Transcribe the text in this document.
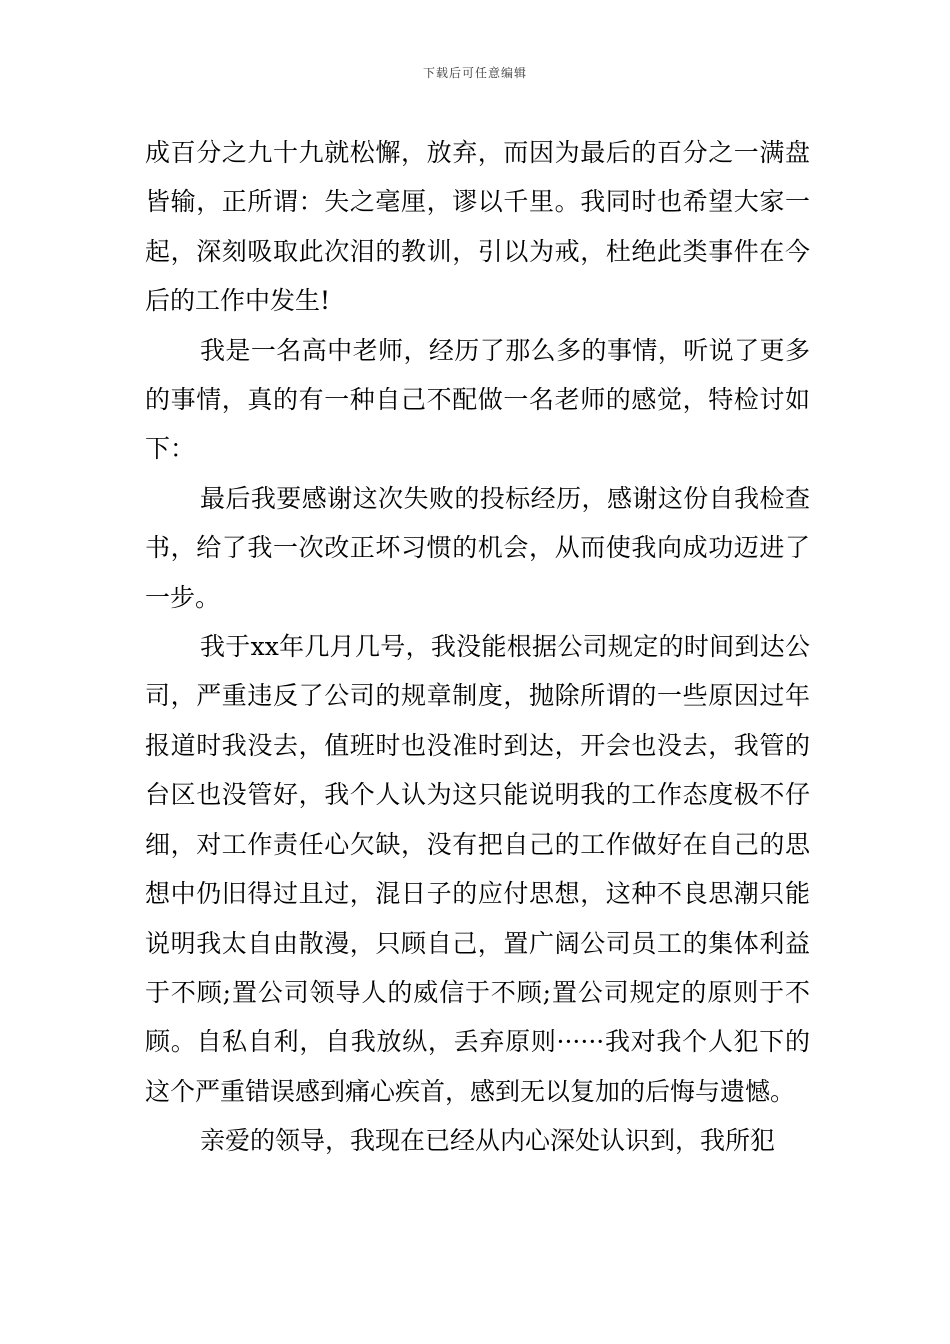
下载后可任意编辑

成百分之九十九就松懈，放弃，而因为最后的百分之一满盘皆输，正所谓：失之毫厘，谬以千里。我同时也希望大家一起，深刻吸取此次泪的教训，引以为戒，杜绝此类事件在今后的工作中发生!

我是一名高中老师，经历了那么多的事情，听说了更多的事情，真的有一种自己不配做一名老师的感觉，特检讨如下：

最后我要感谢这次失败的投标经历，感谢这份自我检查书，给了我一次改正坏习惯的机会，从而使我向成功迈进了一步。

我于xx年几月几号，我没能根据公司规定的时间到达公司，严重违反了公司的规章制度，抛除所谓的一些原因过年报道时我没去，值班时也没准时到达，开会也没去，我管的台区也没管好，我个人认为这只能说明我的工作态度极不仔细，对工作责任心欠缺，没有把自己的工作做好在自己的思想中仍旧得过且过，混日子的应付思想，这种不良思潮只能说明我太自由散漫，只顾自己，置广阔公司员工的集体利益于不顾;置公司领导人的威信于不顾;置公司规定的原则于不顾。自私自利，自我放纵，丢弃原则······我对我个人犯下的这个严重错误感到痛心疾首，感到无以复加的后悔与遗憾。

亲爱的领导，我现在已经从内心深处认识到，我所犯
